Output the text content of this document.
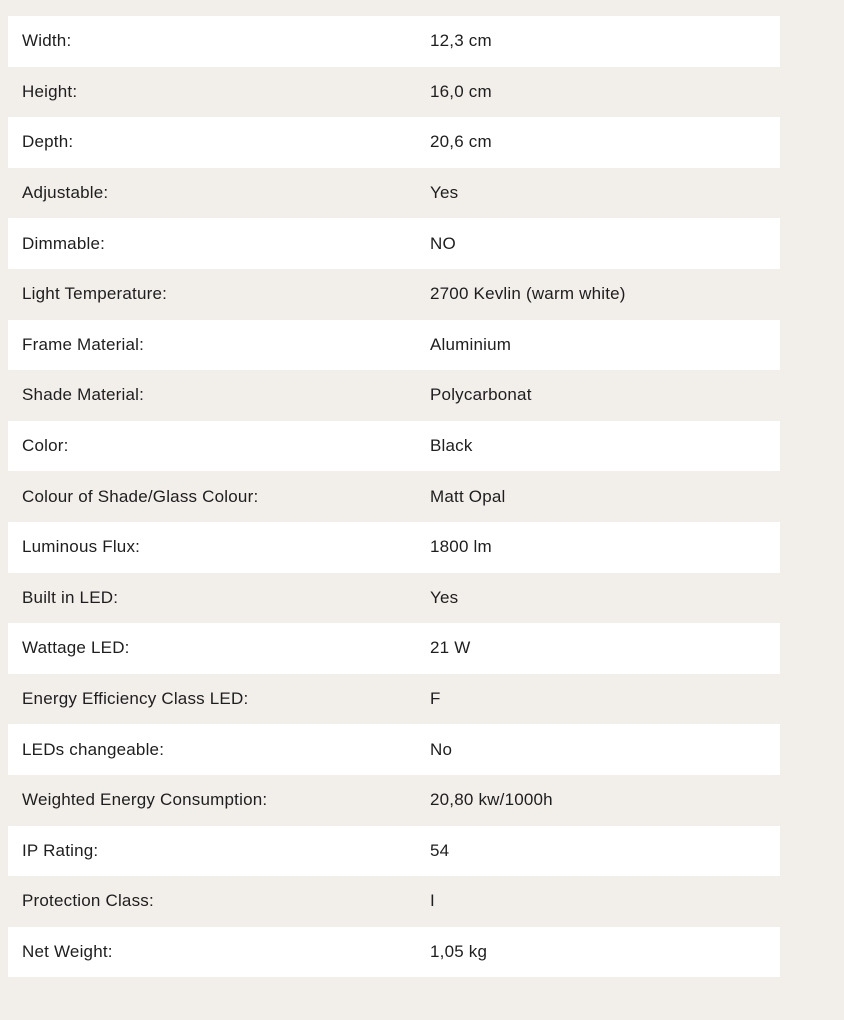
Width:	12,3 cm
Height:	16,0 cm
Depth:	20,6 cm
Adjustable:	Yes
Dimmable:	NO
Light Temperature:	2700 Kevlin (warm white)
Frame Material:	Aluminium
Shade Material:	Polycarbonat
Color:	Black
Colour of Shade/Glass Colour:	Matt Opal
Luminous Flux:	1800 lm
Built in LED:	Yes
Wattage LED:	21 W
Energy Efficiency Class LED:	F
LEDs changeable:	No
Weighted Energy Consumption:	20,80 kw/1000h
IP Rating:	54
Protection Class:	I
Net Weight:	1,05 kg
